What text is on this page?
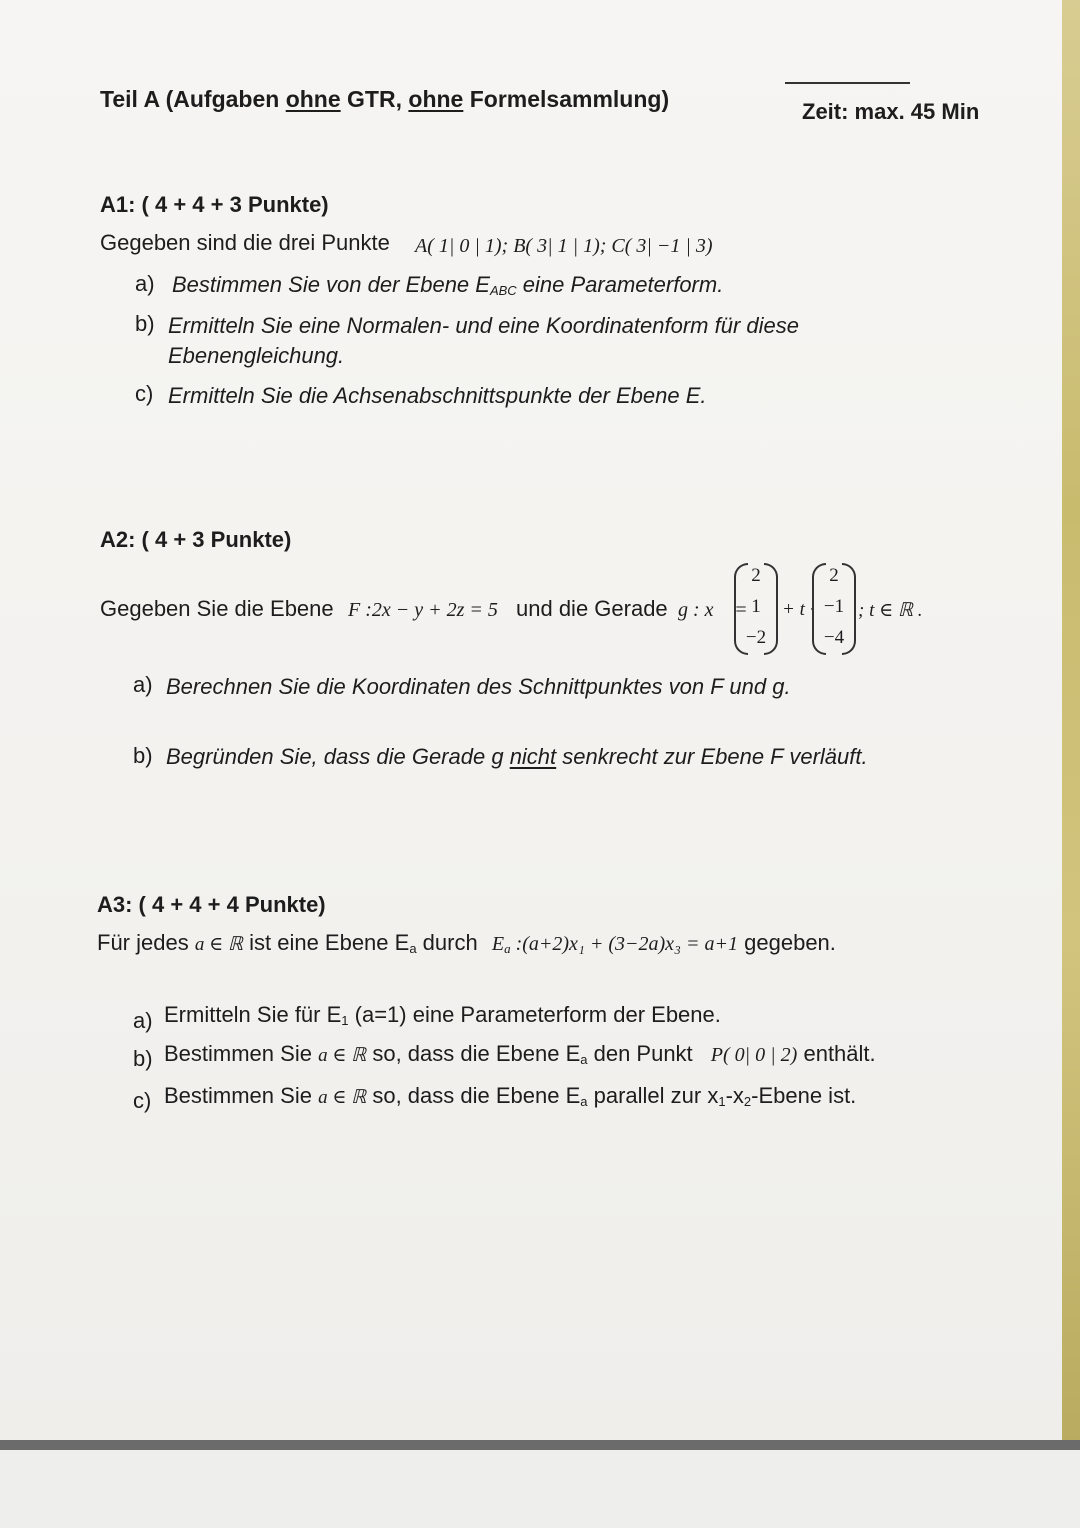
Teil A (Aufgaben ohne GTR, ohne Formelsammlung)	Zeit: max. 45 Min
A1: ( 4 + 4 + 3 Punkte)
Gegeben sind die drei Punkte A( 1| 0 | 1); B( 3| 1 | 1); C( 3| −1 | 3)
a) Bestimmen Sie von der Ebene $E_{ABC}$ eine Parameterform.
b) Ermitteln Sie eine Normalen- und eine Koordinatenform für diese
Ebenengleichung.
c) Ermitteln Sie die Achsenabschnittspunkte der Ebene E.
A2: ( 4 + 3 Punkte)
Gegeben Sie die Ebene F :2x − y + 2z = 5 und die Gerade g : x⃗ =
2
1
−2
+ t ·
2
−1
−4
; t ∈ ℝ .
a) Berechnen Sie die Koordinaten des Schnittpunktes von F und g.
b) Begründen Sie, dass die Gerade g nicht senkrecht zur Ebene F verläuft.
A3: ( 4 + 4 + 4 Punkte)
Für jedes a ∈ ℝ ist eine Ebene $E_a$ durch $E_a$ :(a+2)x₁ + (3−2a)x₃ = a+1 gegeben.
a) Ermitteln Sie für $E_1$ (a=1) eine Parameterform der Ebene.
b) Bestimmen Sie a ∈ ℝ so, dass die Ebene $E_a$ den Punkt P( 0| 0 | 2) enthält.
c) Bestimmen Sie a ∈ ℝ so, dass die Ebene $E_a$ parallel zur $x_1-x_2$-Ebene ist.
